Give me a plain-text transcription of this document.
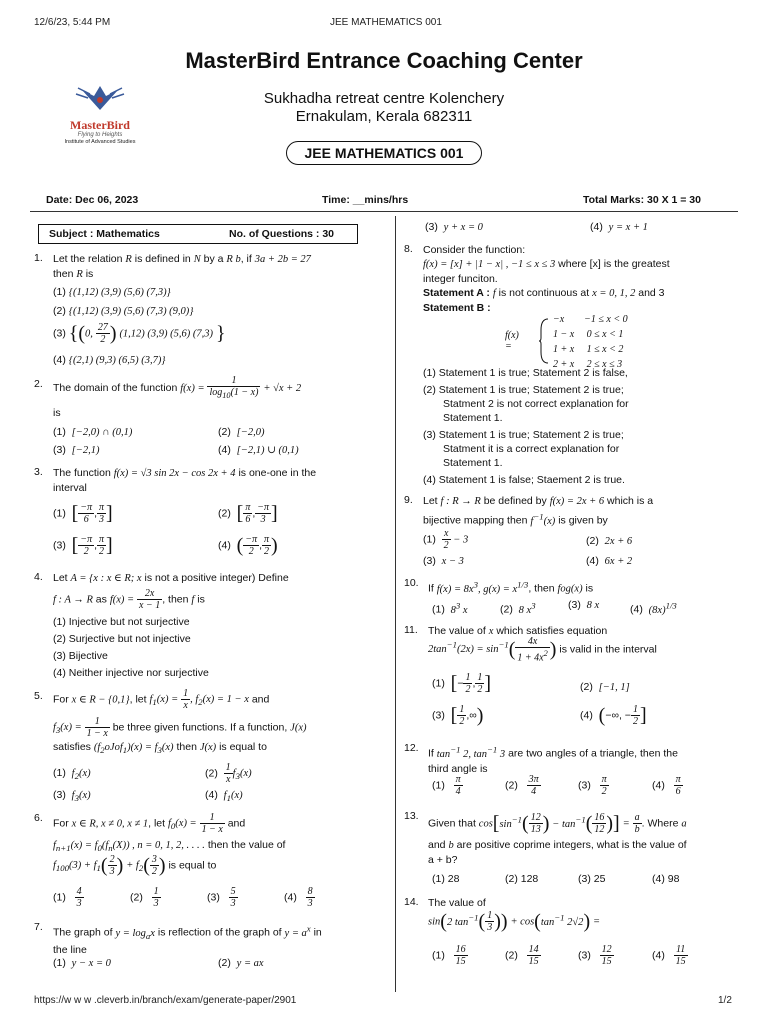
12/6/23, 5:44 PM	JEE MATHEMATICS 001
https://w w w .cleverb.in/branch/exam/generate-paper/2901	1/2
MasterBird Entrance Coaching Center
MasterBird
Flying to Heights
Institute of Advanced Studies
Sukhadha retreat centre Kolenchery
Ernakulam, Kerala 682311
JEE MATHEMATICS 001
Date: Dec 06, 2023	Time: __mins/hrs	Total Marks: 30 X 1 = 30
Subject : Mathematics	No. of Questions : 30
1. Let the relation R is defined in N by a R b, if 3a + 2b = 27
then R is
(1) {(1,12) (3,9) (5,6) (7,3)}
(2) {(1,12) (3,9) (5,6) (7,3) (9,0)}
(3) {(0, $\frac{27}{2}$ ) (1,12) (3,9) (5,6) (7,3) }
(4) {(2,1) (9,3) (6,5) (3,7)}
2. The domain of the function $f(x) = \frac{1}{\log_{10}(1 - x)} + √x + 2$
is
(1)  [−2,0) ∩ (0,1)	(2)  [−2,0)
(3)  [−2,1)	(4)  [−2,1) ∪ (0,1)
3. The function f(x) = √3 sin 2x − cos 2x + 4 is one-one in the
interval
(1)  [ $\frac{-\pi}{6}$ , $\frac{\pi}{3}$ ]	(2)  [ $\frac{\pi}{6}$ , $\frac{-\pi}{3}$ ]
(3)  [ $\frac{-\pi}{2}$ , $\frac{\pi}{2}$ ]	(4)  ( $\frac{-\pi}{2}$ , $\frac{\pi}{2}$ )
4. Let A = {x : x ∈ R; x is not a positive integer) Define
f : A → R as $f(x) = \frac{2x}{x - 1}$ , then f is
(1) Injective but not surjective
(2) Surjective but not injective
(3) Bijective
(4) Neither injective nor surjective
5. For x ∈ R − {0,1}, let $f_1(x) = \frac{1}{x}$ , $f_2(x) = 1 - x$ and
$f_3(x) = \frac{1}{1 - x}$ be three given functions. If a function, J(x)
satisfies $(f_2oJof_1)(x) = f_3(x)$ then J(x) is equal to
(1)  $f_2(x)$	$(2) \frac{1}{x} f_3(x)$
(3)  $f_3(x)$	(4)  $f_1(x)$
6. For x ∈ R, x ≠ 0, x ≠ 1, let $f_0(x) = \frac{1}{1 - x}$ and
$f_{n+1}(x) = f_0(f_n(X))$ , n = 0, 1, 2, . . . . then the value of
$f_{100}(3) + f_1( \frac{2}{3}$ ) + $f_2( \frac{3}{2}$ ) is equal to
$(1) \frac{4}{3}$	$(2) \frac{1}{3}$	$(3) \frac{5}{3}$	$(4) \frac{8}{3}$
7. The graph of $y = \log_ax$ is reflection of the graph of $y = a^x$ in
the line
(1)  y − x = 0	(2)  y = ax
(3)  y + x = 0	(4)  y = x + 1
8. Consider the function:
f(x) = [x] + |1 − x| , −1 ≤ x ≤ 3 where [x] is the greatest
integer funciton.
Statement A : f is not continuous at x = 0, 1, 2 and 3
Statement B :
f(x) =
−x        −1 ≤ x < 0
1 − x     0 ≤ x < 1
1 + x     1 ≤ x < 2
2 + x     2 ≤ x ≤ 3
(1) Statement 1 is true; Statement 2 is false,
(2) Statement 1 is true; Statement 2 is true;
Statment 2 is not correct explanation for
Statement 1.
(3) Statement 1 is true; Statement 2 is true;
Statment it is a correct explanation for
Statement 1.
(4) Statement 1 is false; Staement 2 is true.
9. Let f : R → R be defined by f(x) = 2x + 6 which is a
bijective mapping then $f^{-1}(x)$ is given by
$(1) \frac{x}{2} - 3$	(2)  2x + 6
(3)  x − 3	(4)  6x + 2
10. If $f(x) = 8x^3$, $g(x) = x^{1/3}$, then fog(x) is
(1)  $8^3$ x	(2)  8 $x^3$	(3)  8 x	(4)  $(8x)^{1/3}$
11. The value of x which satisfies equation
$2\tan^{-1}(2x) = \sin^{-1}( \frac{4x}{1 + 4x^2}$ ) is valid in the interval
(1)  [− $\frac{1}{2}$ , $\frac{1}{2}$ ]	(2)  [−1, 1]
(3)  [ $\frac{1}{2}$ ,∞)	(4)  (−∞, − $\frac{1}{2}$ ]
12. If $\tan^{-1} 2$, $\tan^{-1} 3$ are two angles of a triangle, then the
third angle is
$(1) \frac{\pi}{4}$	$(2) \frac{3\pi}{4}$	$(3) \frac{\pi}{2}$	$(4) \frac{\pi}{6}$
13.
Given that $\cos[\sin^{-1}( \frac{12}{13}$ ) − $\tan^{-1}( \frac{16}{12}$ )] = $\frac{a}{b}$ . Where a
and b are positive coprime integers, what is the value of
a + b?
(1) 28	(2) 128	(3) 25	(4) 98
14. The value of
sin(2 $\tan^{-1}( \frac{1}{3}$ )) + $\cos(\tan^{-1}$ 2√2) =
$(1) \frac{16}{15}$	$(2) \frac{14}{15}$	$(3) \frac{12}{15}$	$(4) \frac{11}{15}$
